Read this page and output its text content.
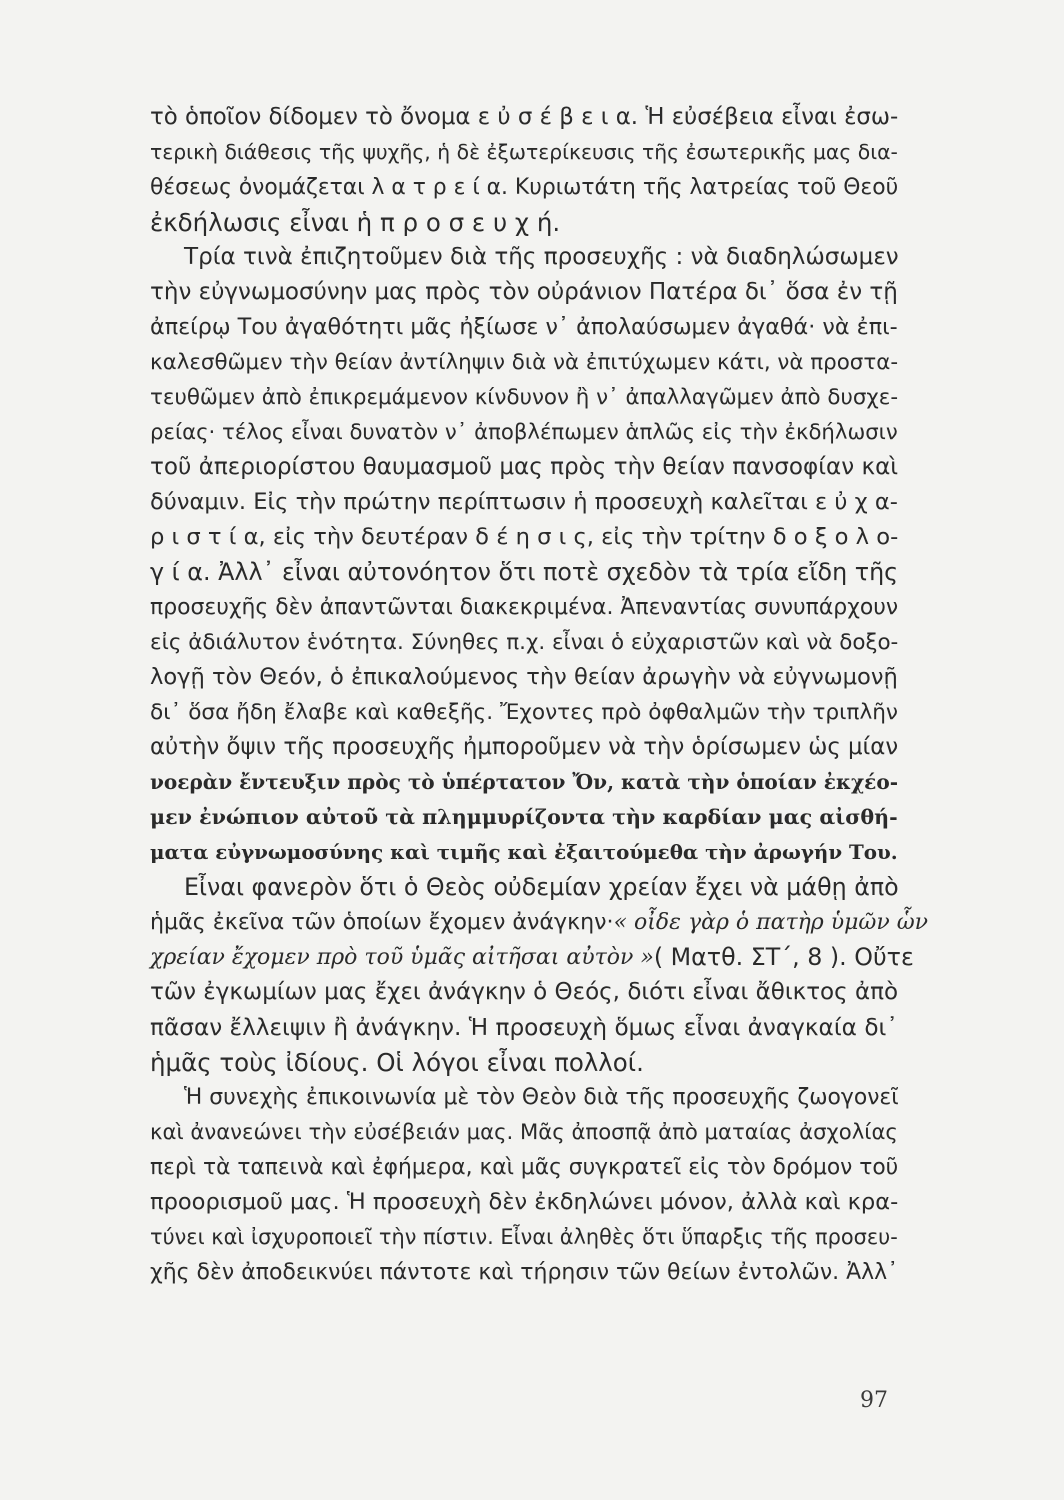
τὸ ὁποῖον δίδομεν τὸ ὄνομα ε ὐ σ έ β ε ι α. Ἡ εὐσέβεια εἶναι ἐσω-
τερικὴ διάθεσις τῆς ψυχῆς, ἡ δὲ ἐξωτερίκευσις τῆς ἐσωτερικῆς μας δια-
θέσεως ὀνομάζεται λ α τ ρ ε ί α. Κυριωτάτη τῆς λατρείας τοῦ Θεοῦ
ἐκδήλωσις εἶναι ἡ π ρ ο σ ε υ χ ή.
Τρία τινὰ ἐπιζητοῦμεν διὰ τῆς προσευχῆς : νὰ διαδηλώσωμεν
τὴν εὐγνωμοσύνην μας πρὸς τὸν οὐράνιον Πατέρα δι᾿ ὅσα ἐν τῇ
ἀπείρῳ Του ἀγαθότητι μᾶς ἠξίωσε ν᾿ ἀπολαύσωμεν ἀγαθά· νὰ ἐπι-
καλεσθῶμεν τὴν θείαν ἀντίληψιν διὰ νὰ ἐπιτύχωμεν κάτι, νὰ προστα-
τευθῶμεν ἀπὸ ἐπικρεμάμενον κίνδυνον ἢ ν᾿ ἀπαλλαγῶμεν ἀπὸ δυσχε-
ρείας· τέλος εἶναι δυνατὸν ν᾿ ἀποβλέπωμεν ἁπλῶς εἰς τὴν ἐκδήλωσιν
τοῦ ἀπεριορίστου θαυμασμοῦ μας πρὸς τὴν θείαν πανσοφίαν καὶ
δύναμιν. Εἰς τὴν πρώτην περίπτωσιν ἡ προσευχὴ καλεῖται ε ὐ χ α-
ρ ι σ τ ί α, εἰς τὴν δευτέραν δ έ η σ ι ς, εἰς τὴν τρίτην δ ο ξ ο λ ο-
γ ί α. Ἀλλ᾿ εἶναι αὐτονόητον ὅτι ποτὲ σχεδὸν τὰ τρία εἴδη τῆς
προσευχῆς δὲν ἀπαντῶνται διακεκριμένα. Ἀπεναντίας συνυπάρχουν
εἰς ἀδιάλυτον ἑνότητα. Σύνηθες π.χ. εἶναι ὁ εὐχαριστῶν καὶ νὰ δοξο-
λογῇ τὸν Θεόν, ὁ ἐπικαλούμενος τὴν θείαν ἀρωγὴν νὰ εὐγνωμονῇ
δι᾿ ὅσα ἤδη ἔλαβε καὶ καθεξῆς. Ἔχοντες πρὸ ὀφθαλμῶν τὴν τριπλῆν
αὐτὴν ὄψιν τῆς προσευχῆς ἠμποροῦμεν νὰ τὴν ὁρίσωμεν ὡς μίαν
νοερὰν ἔντευξιν πρὸς τὸ ὑπέρτατον Ὄν, κατὰ τὴν ὁποίαν ἐκχέο-
μεν ἐνώπιον αὐτοῦ τὰ πλημμυρίζοντα τὴν καρδίαν μας αἰσθή-
ματα εὐγνωμοσύνης καὶ τιμῆς καὶ ἐξαιτούμεθα τὴν ἀρωγήν Του.
Εἶναι φανερὸν ὅτι ὁ Θεὸς οὐδεμίαν χρείαν ἔχει νὰ μάθῃ ἀπὸ
ἡμᾶς ἐκεῖνα τῶν ὁποίων ἔχομεν ἀνάγκην· « οἶδε γὰρ ὁ πατὴρ ὑμῶν ὧν
χρείαν ἔχομεν πρὸ τοῦ ὑμᾶς αἰτῆσαι αὐτὸν » ( Ματθ. ΣΤ΄, 8 ). Οὔτε
τῶν ἐγκωμίων μας ἔχει ἀνάγκην ὁ Θεός, διότι εἶναι ἄθικτος ἀπὸ
πᾶσαν ἔλλειψιν ἢ ἀνάγκην. Ἡ προσευχὴ ὅμως εἶναι ἀναγκαία δι᾿
ἡμᾶς τοὺς ἰδίους. Οἱ λόγοι εἶναι πολλοί.
Ἡ συνεχὴς ἐπικοινωνία μὲ τὸν Θεὸν διὰ τῆς προσευχῆς ζωογονεῖ
καὶ ἀνανεώνει τὴν εὐσέβειάν μας. Μᾶς ἀποσπᾷ ἀπὸ ματαίας ἀσχολίας
περὶ τὰ ταπεινὰ καὶ ἐφήμερα, καὶ μᾶς συγκρατεῖ εἰς τὸν δρόμον τοῦ
προορισμοῦ μας. Ἡ προσευχὴ δὲν ἐκδηλώνει μόνον, ἀλλὰ καὶ κρα-
τύνει καὶ ἰσχυροποιεῖ τὴν πίστιν. Εἶναι ἀληθὲς ὅτι ὕπαρξις τῆς προσευ-
χῆς δὲν ἀποδεικνύει πάντοτε καὶ τήρησιν τῶν θείων ἐντολῶν. Ἀλλ᾿
97
